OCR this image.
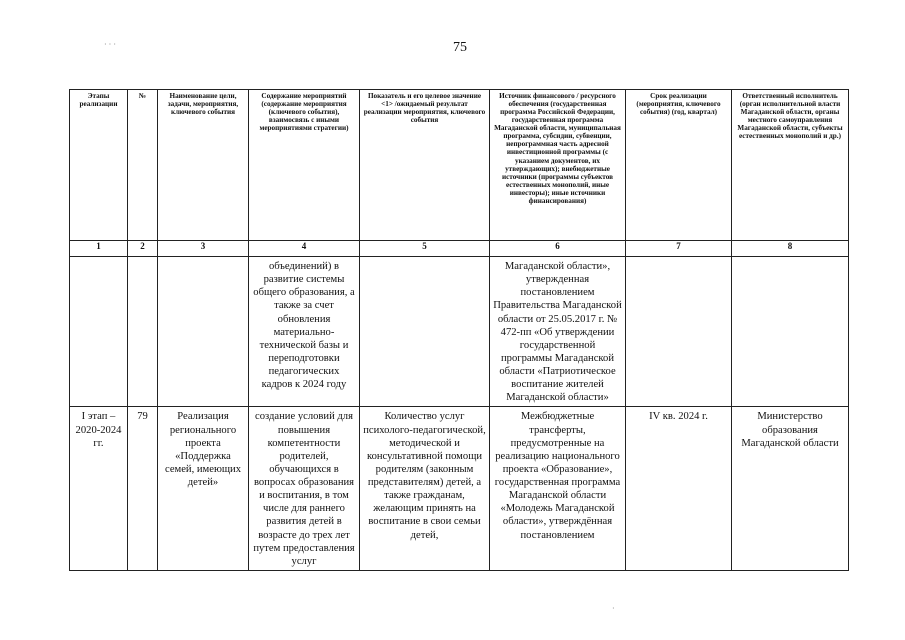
75
· · ·
·
Этапы реализации	№	Наименование цели, задачи, мероприятия, ключевого события	Содержание мероприятий (содержание мероприятия (ключевого события), взаимосвязь с иными мероприятиями стратегии)	Показатель и его целевое значение <1> /ожидаемый результат реализации мероприятия, ключевого события	Источник финансового / ресурсного обеспечения (государственная программа Российской Федерации, государственная программа Магаданской области, муниципальная программа, субсидии, субвенции, непрограммная часть адресной инвестиционной программы (с указанием документов, их утверждающих); внебюджетные источники (программы субъектов естественных монополий, иные инвесторы); иные источники финансирования)	Срок реализации (мероприятия, ключевого события) (год, квартал)	Ответственный исполнитель (орган исполнительной власти Магаданской области, органы местного самоуправления Магаданской области, субъекты естественных монополий и др.)
1	2	3	4	5	6	7	8
			объединений) в развитие системы общего образования, а также за счет обновления материально-технической базы и переподготовки педагогических кадров к 2024 году		Магаданской области», утвержденная постановлением Правительства Магаданской области от 25.05.2017 г. № 472-пп «Об утверждении государственной программы Магаданской области «Патриотическое воспитание жителей Магаданской области»		
I этап – 2020-2024 гг.	79	Реализация регионального проекта «Поддержка семей, имеющих детей»	создание условий для повышения компетентности родителей, обучающихся в вопросах образования и воспитания, в том числе для раннего развития детей в возрасте до трех лет путем предоставления услуг	Количество услуг психолого-педагогической, методической и консультативной помощи родителям (законным представителям) детей, а также гражданам, желающим принять на воспитание в свои семьи детей,	Межбюджетные трансферты, предусмотренные на реализацию национального проекта «Образование», государственная программа Магаданской области «Молодежь Магаданской области», утверждённая постановлением	IV кв. 2024 г.	Министерство образования Магаданской области
